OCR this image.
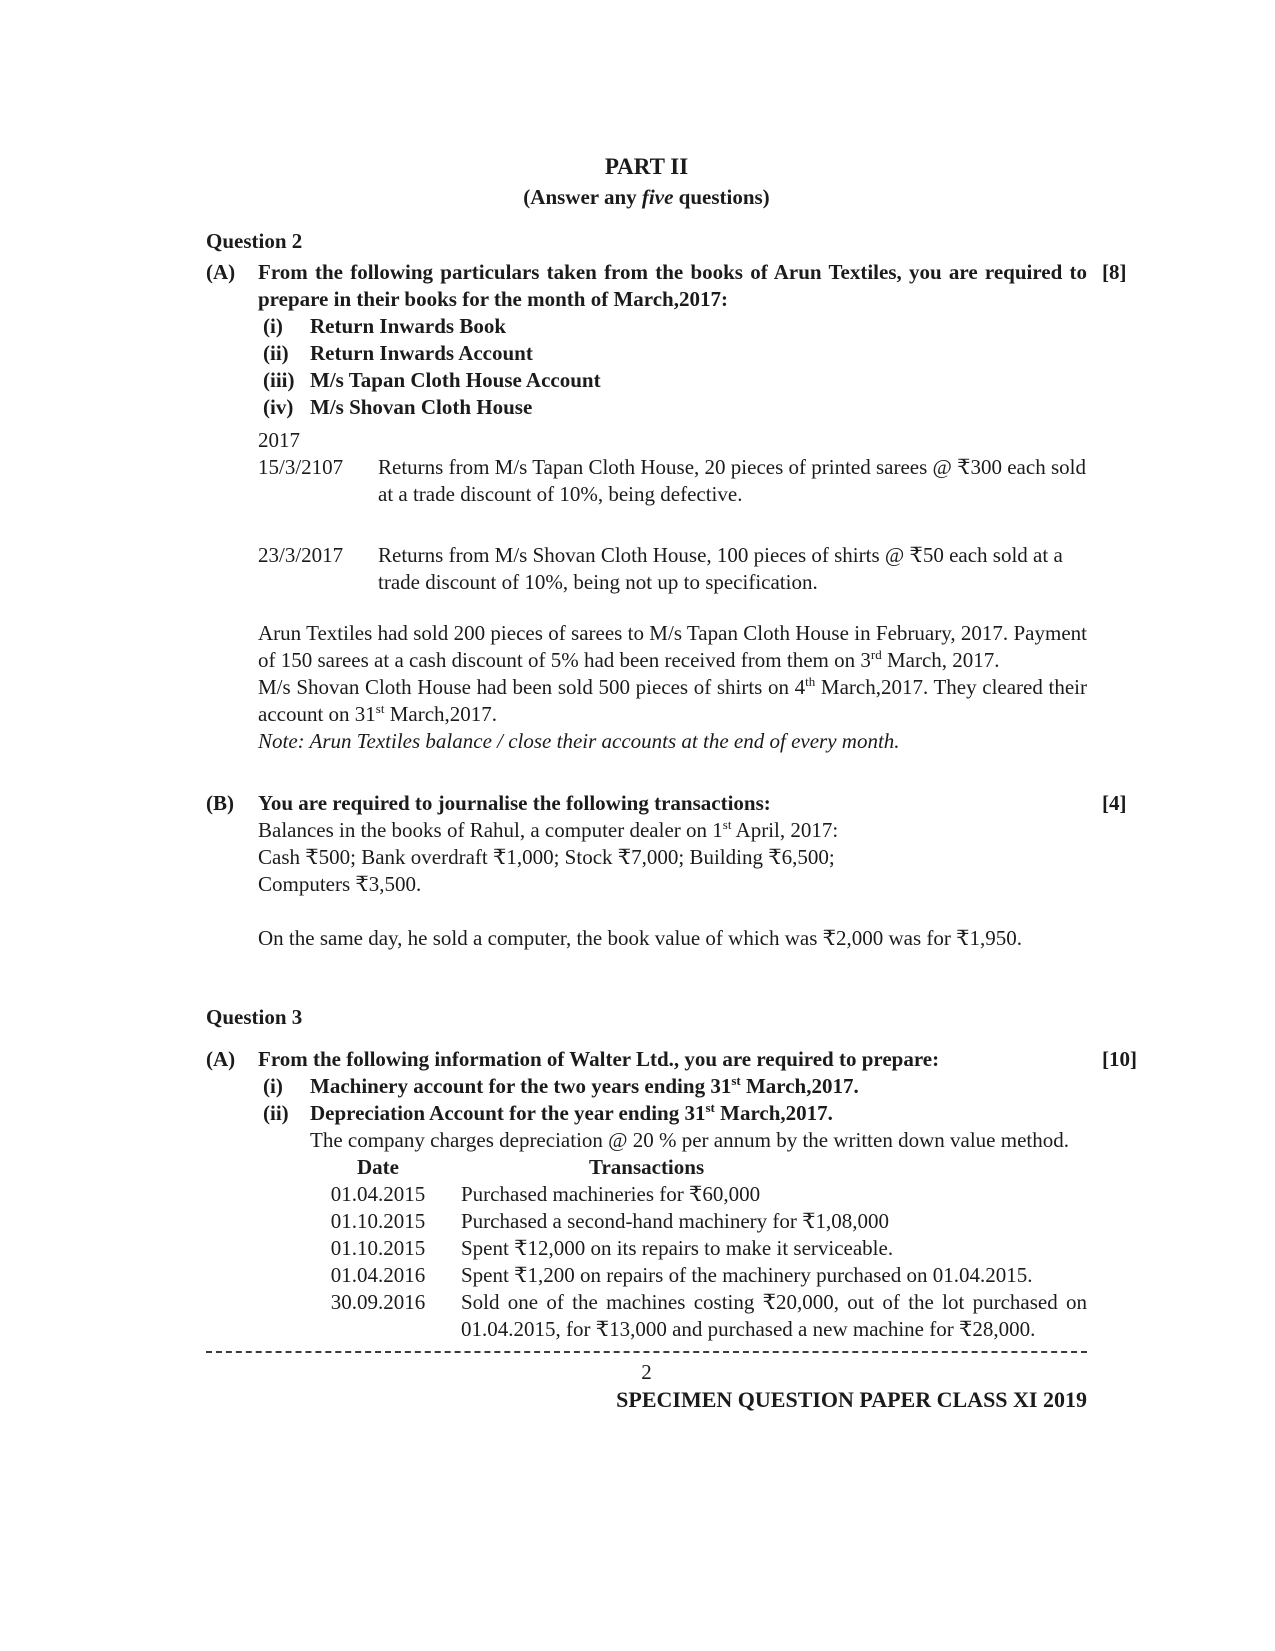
PART II
(Answer any five questions)
Question 2
(A)	From the following particulars taken from the books of Arun Textiles, you are required to prepare in their books for the month of March,2017:
[8]
(i)	Return Inwards Book
(ii)	Return Inwards Account
(iii) M/s Tapan Cloth House Account
(iv) M/s Shovan Cloth House
2017
15/3/2107	Returns from M/s Tapan Cloth House, 20 pieces of printed sarees @ ₹300 each sold at a trade discount of 10%, being defective.
23/3/2017	Returns from M/s Shovan Cloth House, 100 pieces of shirts @ ₹50 each sold at a trade discount of 10%, being not up to specification.

Arun Textiles had sold 200 pieces of sarees to M/s Tapan Cloth House in February, 2017. Payment of 150 sarees at a cash discount of 5% had been received from them on 3rd March, 2017.

M/s Shovan Cloth House had been sold 500 pieces of shirts on 4th March,2017. They cleared their account on 31st March,2017.

Note: Arun Textiles balance / close their accounts at the end of every month.

(B)	You are required to journalise the following transactions:	[4]
Balances in the books of Rahul, a computer dealer on 1st April, 2017:
Cash ₹500; Bank overdraft ₹1,000; Stock ₹7,000; Building ₹6,500;
Computers ₹3,500.

On the same day, he sold a computer, the book value of which was ₹2,000 was for ₹1,950.

Question 3
(A)	From the following information of Walter Ltd., you are required to prepare:	[10]
(i)	Machinery account for the two years ending 31st March,2017.
(ii)	Depreciation Account for the year ending 31st March,2017.
The company charges depreciation @ 20 % per annum by the written down value method.
Date	Transactions
01.04.2015	Purchased machineries for ₹60,000
01.10.2015	Purchased a second-hand machinery for ₹1,08,000
01.10.2015	Spent ₹12,000 on its repairs to make it serviceable.
01.04.2016	Spent ₹1,200 on repairs of the machinery purchased on 01.04.2015.
30.09.2016	Sold one of the machines costing ₹20,000, out of the lot purchased on 01.04.2015, for ₹13,000 and purchased a new machine for ₹28,000.
2
SPECIMEN QUESTION PAPER CLASS XI 2019
